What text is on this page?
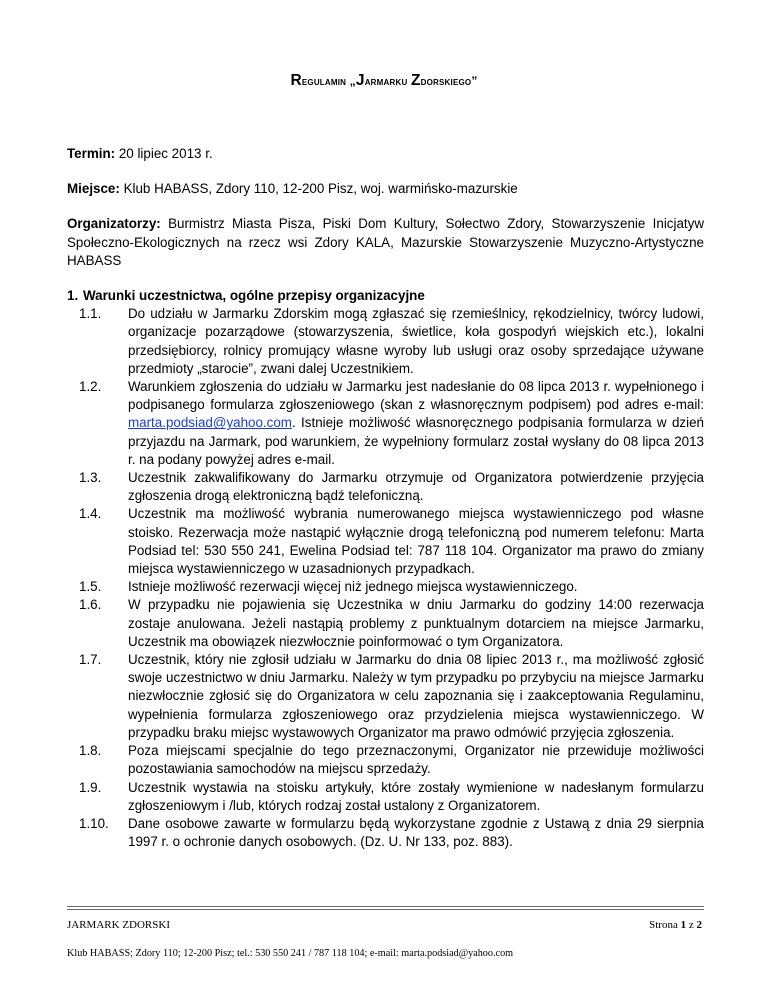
Regulamin „Jarmarku Zdorskiego”

Termin: 20 lipiec 2013 r.

Miejsce: Klub HABASS, Zdory 110, 12-200 Pisz, woj. warmińsko-mazurskie

Organizatorzy: Burmistrz Miasta Pisza, Piski Dom Kultury, Sołectwo Zdory, Stowarzyszenie Inicjatyw Społeczno-Ekologicznych na rzecz wsi Zdory KALA, Mazurskie Stowarzyszenie Muzyczno-Artystyczne HABASS

1. Warunki uczestnictwa, ogólne przepisy organizacyjne

1.1. Do udziału w Jarmarku Zdorskim mogą zgłaszać się rzemieślnicy, rękodzielnicy, twórcy ludowi, organizacje pozarządowe (stowarzyszenia, świetlice, koła gospodyń wiejskich etc.), lokalni przedsiębiorcy, rolnicy promujący własne wyroby lub usługi oraz osoby sprzedające używane przedmioty „starocie”, zwani dalej Uczestnikiem.
1.2. Warunkiem zgłoszenia do udziału w Jarmarku jest nadesłanie do 08 lipca 2013 r. wypełnionego i podpisanego formularza zgłoszeniowego (skan z własnoręcznym podpisem) pod adres e-mail: marta.podsiad@yahoo.com. Istnieje możliwość własnoręcznego podpisania formularza w dzień przyjazdu na Jarmark, pod warunkiem, że wypełniony formularz został wysłany do 08 lipca 2013 r. na podany powyżej adres e-mail.
1.3. Uczestnik zakwalifikowany do Jarmarku otrzymuje od Organizatora potwierdzenie przyjęcia zgłoszenia drogą elektroniczną bądź telefoniczną.
1.4. Uczestnik ma możliwość wybrania numerowanego miejsca wystawienniczego pod własne stoisko. Rezerwacja może nastąpić wyłącznie drogą telefoniczną pod numerem telefonu: Marta Podsiad tel: 530 550 241, Ewelina Podsiad tel: 787 118 104. Organizator ma prawo do zmiany miejsca wystawienniczego w uzasadnionych przypadkach.
1.5. Istnieje możliwość rezerwacji więcej niż jednego miejsca wystawienniczego.
1.6. W przypadku nie pojawienia się Uczestnika w dniu Jarmarku do godziny 14:00 rezerwacja zostaje anulowana. Jeżeli nastąpią problemy z punktualnym dotarciem na miejsce Jarmarku, Uczestnik ma obowiązek niezwłocznie poinformować o tym Organizatora.
1.7. Uczestnik, który nie zgłosił udziału w Jarmarku do dnia 08 lipiec 2013 r., ma możliwość zgłosić swoje uczestnictwo w dniu Jarmarku. Należy w tym przypadku po przybyciu na miejsce Jarmarku niezwłocznie zgłosić się do Organizatora w celu zapoznania się i zaakceptowania Regulaminu, wypełnienia formularza zgłoszeniowego oraz przydzielenia miejsca wystawienniczego. W przypadku braku miejsc wystawowych Organizator ma prawo odmówić przyjęcia zgłoszenia.
1.8. Poza miejscami specjalnie do tego przeznaczonymi, Organizator nie przewiduje możliwości pozostawiania samochodów na miejscu sprzedaży.
1.9. Uczestnik wystawia na stoisku artykuły, które zostały wymienione w nadesłanym formularzu zgłoszeniowym i /lub, których rodzaj został ustalony z Organizatorem.
1.10. Dane osobowe zawarte w formularzu będą wykorzystane zgodnie z Ustawą z dnia 29 sierpnia 1997 r. o ochronie danych osobowych. (Dz. U. Nr 133, poz. 883).
JARMARK ZDORSKI	Strona 1 z 2
Klub HABASS; Zdory 110; 12-200 Pisz; tel.: 530 550 241 / 787 118 104; e-mail: marta.podsiad@yahoo.com
